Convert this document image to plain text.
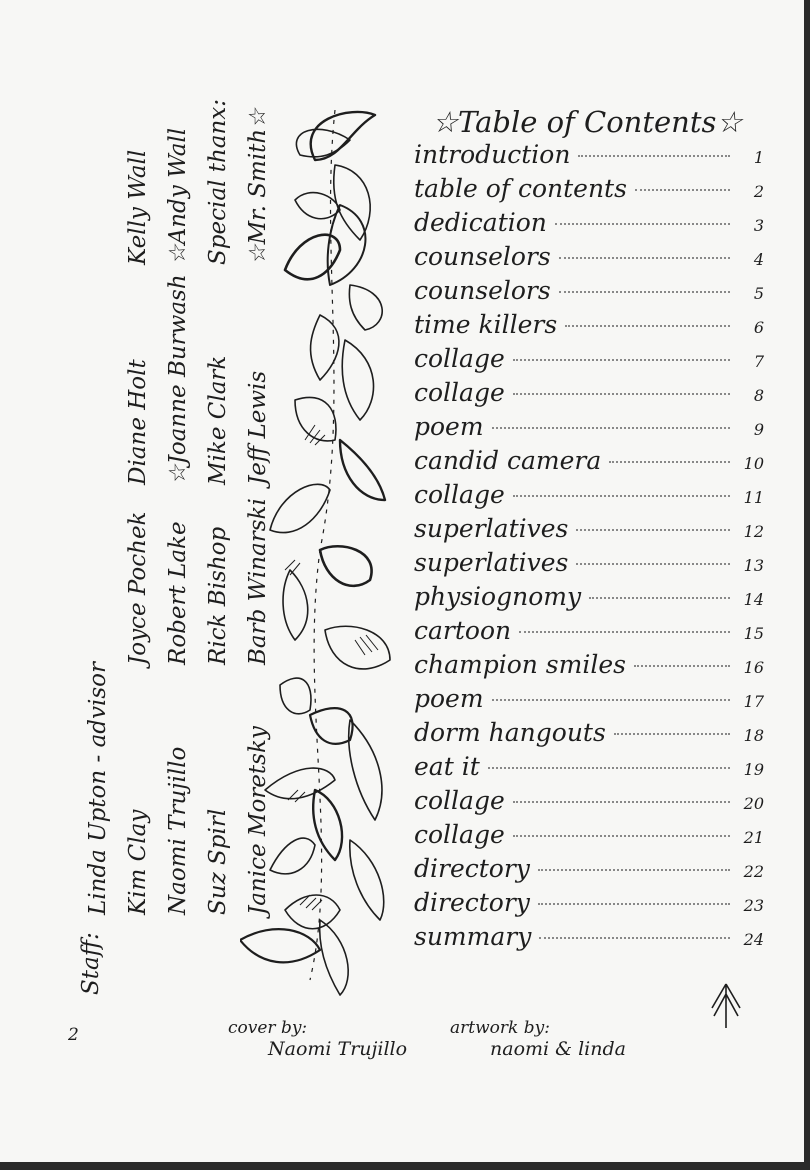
Staff:
Linda Upton - advisor Kim Clay Naomi Trujillo Suz Spirl Janice Moretsky
Joyce Pochek Robert Lake Rick Bishop Barb Winarski
Diane Holt ☆Joanne Burwash Mike Clark Jeff Lewis
Kelly Wall ☆Andy Wall Special thanx: ☆Mr. Smith☆	☆Table of Contents☆
introduction	1
table of contents	2
dedication	3
counselors	4
counselors	5
time killers	6
collage	7
collage	8
poem	9
candid camera	10
collage	11
superlatives	12
superlatives	13
physiognomy	14
cartoon	15
champion smiles	16
poem	17
dorm hangouts	18
eat it	19
collage	20
collage	21
directory	22
directory	23
summary	24
2	cover by:
Naomi Trujillo
artwork by:
naomi & linda
